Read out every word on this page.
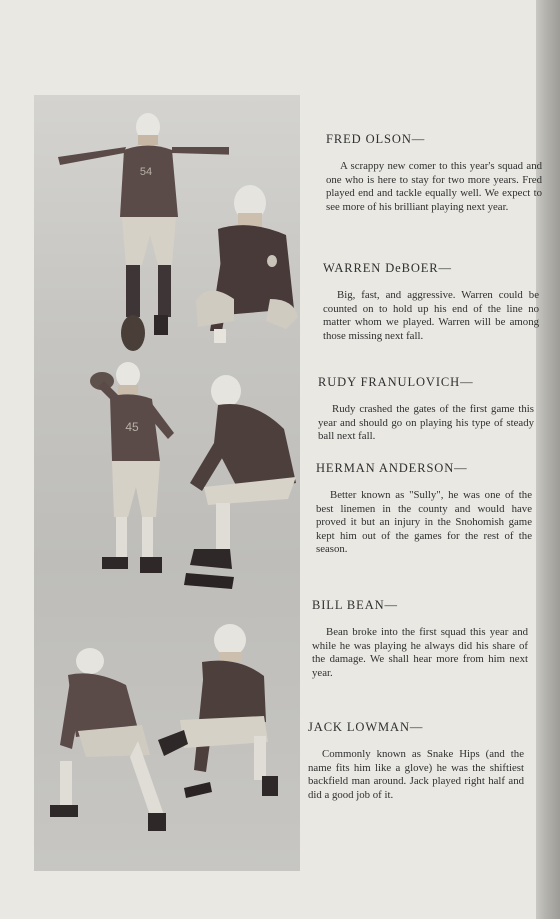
54
45
FRED OLSON—

A scrappy new comer to this year's squad and one who is here to stay for two more years. Fred played end and tackle equally well. We expect to see more of his brilliant playing next year.

WARREN DeBOER—

Big, fast, and aggressive. Warren could be counted on to hold up his end of the line no matter whom we played. Warren will be among those missing next fall.

RUDY FRANULOVICH—

Rudy crashed the gates of the first game this year and should go on playing his type of steady ball next fall.

HERMAN ANDERSON—

Better known as "Sully", he was one of the best linemen in the county and would have proved it but an injury in the Snohomish game kept him out of the games for the rest of the season.

BILL BEAN—

Bean broke into the first squad this year and while he was playing he always did his share of the damage. We shall hear more from him next year.

JACK LOWMAN—

Commonly known as Snake Hips (and the name fits him like a glove) he was the shiftiest backfield man around. Jack played right half and did a good job of it.
